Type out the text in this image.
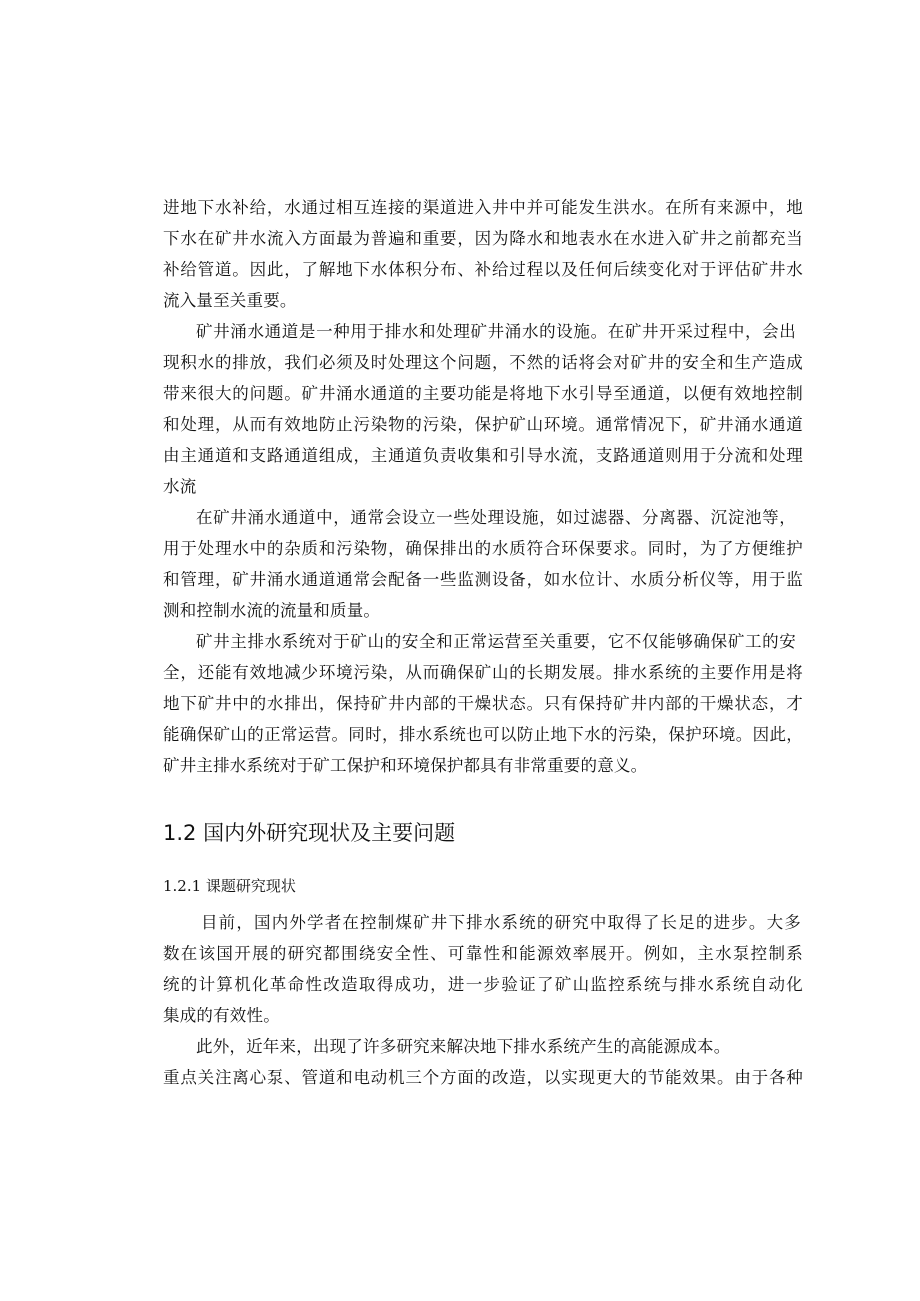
进地下水补给，水通过相互连接的渠道进入井中并可能发生洪水。在所有来源中，地
下水在矿井水流入方面最为普遍和重要，因为降水和地表水在水进入矿井之前都充当
补给管道。因此，了解地下水体积分布、补给过程以及任何后续变化对于评估矿井水
流入量至关重要。
矿井涌水通道是一种用于排水和处理矿井涌水的设施。在矿井开采过程中，会出
现积水的排放，我们必须及时处理这个问题，不然的话将会对矿井的安全和生产造成
带来很大的问题。矿井涌水通道的主要功能是将地下水引导至通道，以便有效地控制
和处理，从而有效地防止污染物的污染，保护矿山环境。通常情况下，矿井涌水通道
由主通道和支路通道组成，主通道负责收集和引导水流，支路通道则用于分流和处理
水流
在矿井涌水通道中，通常会设立一些处理设施，如过滤器、分离器、沉淀池等，
用于处理水中的杂质和污染物，确保排出的水质符合环保要求。同时，为了方便维护
和管理，矿井涌水通道通常会配备一些监测设备，如水位计、水质分析仪等，用于监
测和控制水流的流量和质量。
矿井主排水系统对于矿山的安全和正常运营至关重要，它不仅能够确保矿工的安
全，还能有效地减少环境污染，从而确保矿山的长期发展。排水系统的主要作用是将
地下矿井中的水排出，保持矿井内部的干燥状态。只有保持矿井内部的干燥状态，才
能确保矿山的正常运营。同时，排水系统也可以防止地下水的污染，保护环境。因此，
矿井主排水系统对于矿工保护和环境保护都具有非常重要的意义。
1.2 国内外研究现状及主要问题
1.2.1 课题研究现状
目前，国内外学者在控制煤矿井下排水系统的研究中取得了长足的进步。大多
数在该国开展的研究都围绕安全性、可靠性和能源效率展开。例如，主水泵控制系
统的计算机化革命性改造取得成功，进一步验证了矿山监控系统与排水系统自动化
集成的有效性。
此外，近年来，出现了许多研究来解决地下排水系统产生的高能源成本。
重点关注离心泵、管道和电动机三个方面的改造，以实现更大的节能效果。由于各种
